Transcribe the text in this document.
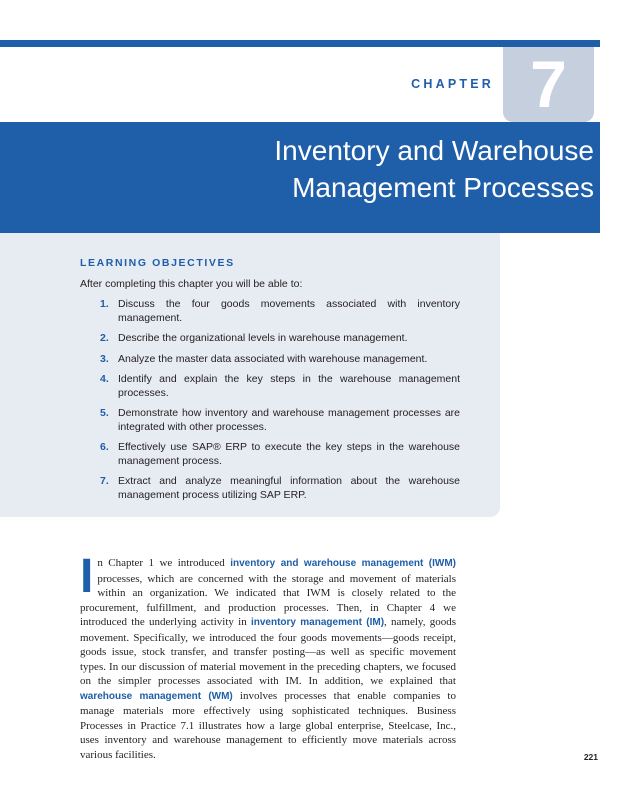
CHAPTER 7
Inventory and Warehouse
Management Processes
LEARNING OBJECTIVES
After completing this chapter you will be able to:
1. Discuss the four goods movements associated with inventory management.
2. Describe the organizational levels in warehouse management.
3. Analyze the master data associated with warehouse management.
4. Identify and explain the key steps in the warehouse management processes.
5. Demonstrate how inventory and warehouse management processes are integrated with other processes.
6. Effectively use SAP® ERP to execute the key steps in the warehouse management process.
7. Extract and analyze meaningful information about the warehouse management process utilizing SAP ERP.

In Chapter 1 we introduced inventory and warehouse management (IWM) processes, which are concerned with the storage and movement of materials within an organization. We indicated that IWM is closely related to the procurement, fulfillment, and production processes. Then, in Chapter 4 we introduced the underlying activity in inventory management (IM), namely, goods movement. Specifically, we introduced the four goods movements—goods receipt, goods issue, stock transfer, and transfer posting—as well as specific movement types. In our discussion of material movement in the preceding chapters, we focused on the simpler processes associated with IM. In addition, we explained that warehouse management (WM) involves processes that enable companies to manage materials more effectively using sophisticated techniques. Business Processes in Practice 7.1 illustrates how a large global enterprise, Steelcase, Inc., uses inventory and warehouse management to efficiently move materials across various facilities.	221
